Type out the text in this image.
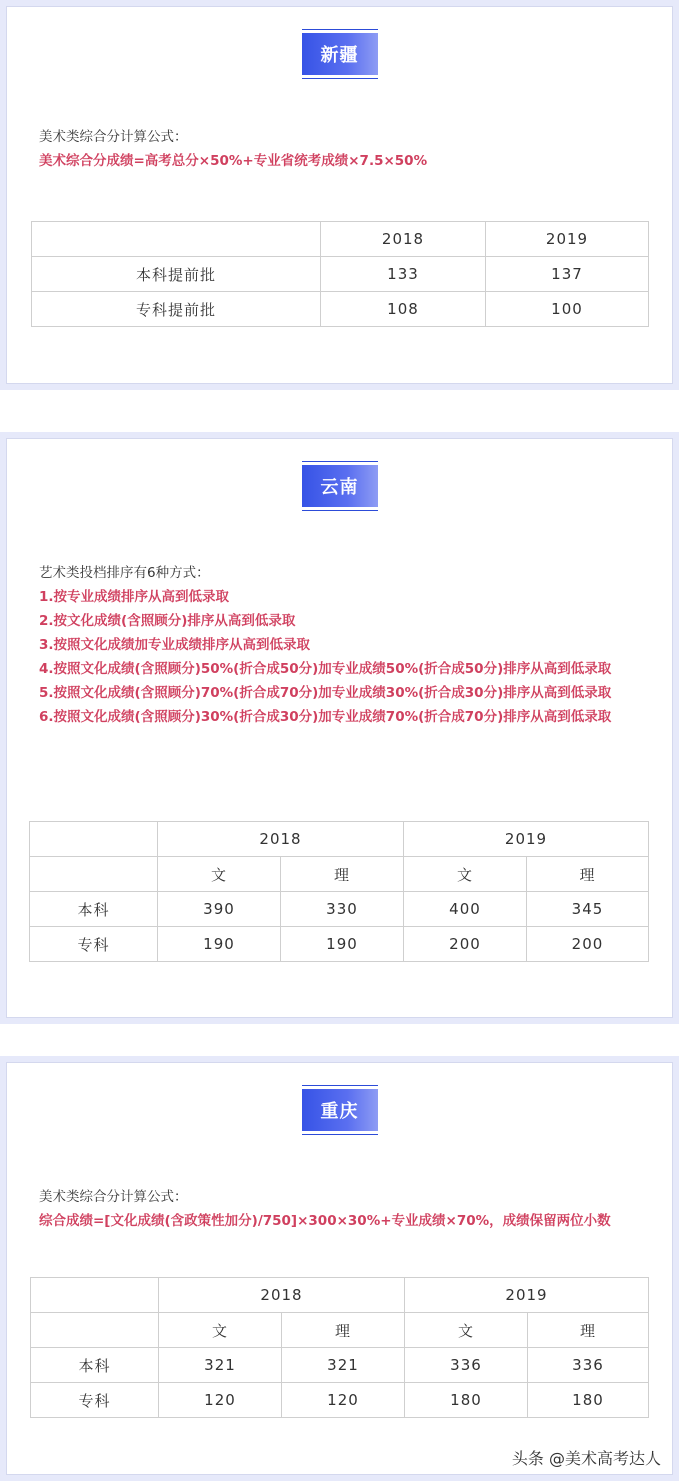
新疆
美术类综合分计算公式：
美术综合分成绩=高考总分×50%+专业省统考成绩×7.5×50%
	2018	2019
本科提前批	133	137
专科提前批	108	100
云南
艺术类投档排序有6种方式：
1.按专业成绩排序从高到低录取
2.按文化成绩(含照顾分)排序从高到低录取
3.按照文化成绩加专业成绩排序从高到低录取
4.按照文化成绩(含照顾分)50%(折合成50分)加专业成绩50%(折合成50分)排序从高到低录取
5.按照文化成绩(含照顾分)70%(折合成70分)加专业成绩30%(折合成30分)排序从高到低录取
6.按照文化成绩(含照顾分)30%(折合成30分)加专业成绩70%(折合成70分)排序从高到低录取
	2018		2019	
	文	理	文	理
本科	390	330	400	345
专科	190	190	200	200
重庆
美术类综合分计算公式：
综合成绩=[文化成绩(含政策性加分)/750]×300×30%+专业成绩×70%，成绩保留两位小数
	2018		2019	
	文	理	文	理
本科	321	321	336	336
专科	120	120	180	180
头条 @美术高考达人
